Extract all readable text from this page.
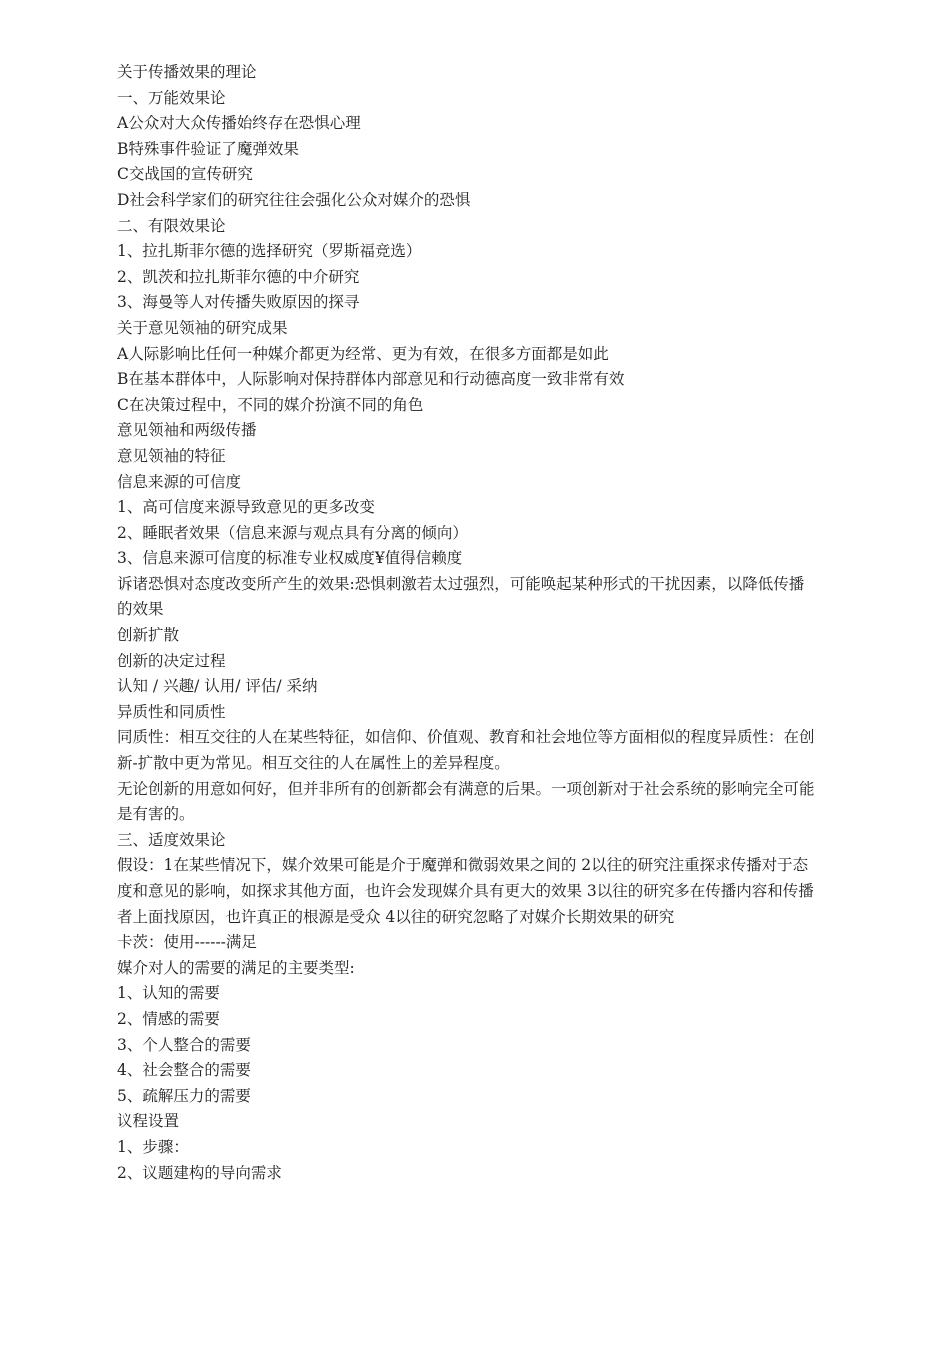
关于传播效果的理论
一、万能效果论
A公众对大众传播始终存在恐惧心理
B特殊事件验证了魔弹效果
C交战国的宣传研究
D社会科学家们的研究往往会强化公众对媒介的恐惧
二、有限效果论
1、拉扎斯菲尔德的选择研究（罗斯福竞选）
2、凯茨和拉扎斯菲尔德的中介研究
3、海曼等人对传播失败原因的探寻
关于意见领袖的研究成果
A人际影响比任何一种媒介都更为经常、更为有效，在很多方面都是如此
B在基本群体中，人际影响对保持群体内部意见和行动德高度一致非常有效
C在决策过程中，不同的媒介扮演不同的角色
意见领袖和两级传播
意见领袖的特征
信息来源的可信度
1、高可信度来源导致意见的更多改变
2、睡眠者效果（信息来源与观点具有分离的倾向）
3、信息来源可信度的标准专业权威度¥值得信赖度
诉诸恐惧对态度改变所产生的效果:恐惧刺激若太过强烈，可能唤起某种形式的干扰因素，以降低传播的效果
创新扩散
创新的决定过程
认知 / 兴趣/ 认用/ 评估/ 采纳
异质性和同质性
同质性：相互交往的人在某些特征，如信仰、价值观、教育和社会地位等方面相似的程度异质性：在创新-扩散中更为常见。相互交往的人在属性上的差异程度。
无论创新的用意如何好，但并非所有的创新都会有满意的后果。一项创新对于社会系统的影响完全可能是有害的。
三、适度效果论
假设：1在某些情况下，媒介效果可能是介于魔弹和微弱效果之间的 2以往的研究注重探求传播对于态度和意见的影响，如探求其他方面，也许会发现媒介具有更大的效果 3以往的研究多在传播内容和传播者上面找原因，也许真正的根源是受众 4以往的研究忽略了对媒介长期效果的研究
卡茨：使用------满足
媒介对人的需要的满足的主要类型:
1、认知的需要
2、情感的需要
3、个人整合的需要
4、社会整合的需要
5、疏解压力的需要
议程设置
1、步骤：
2、议题建构的导向需求
